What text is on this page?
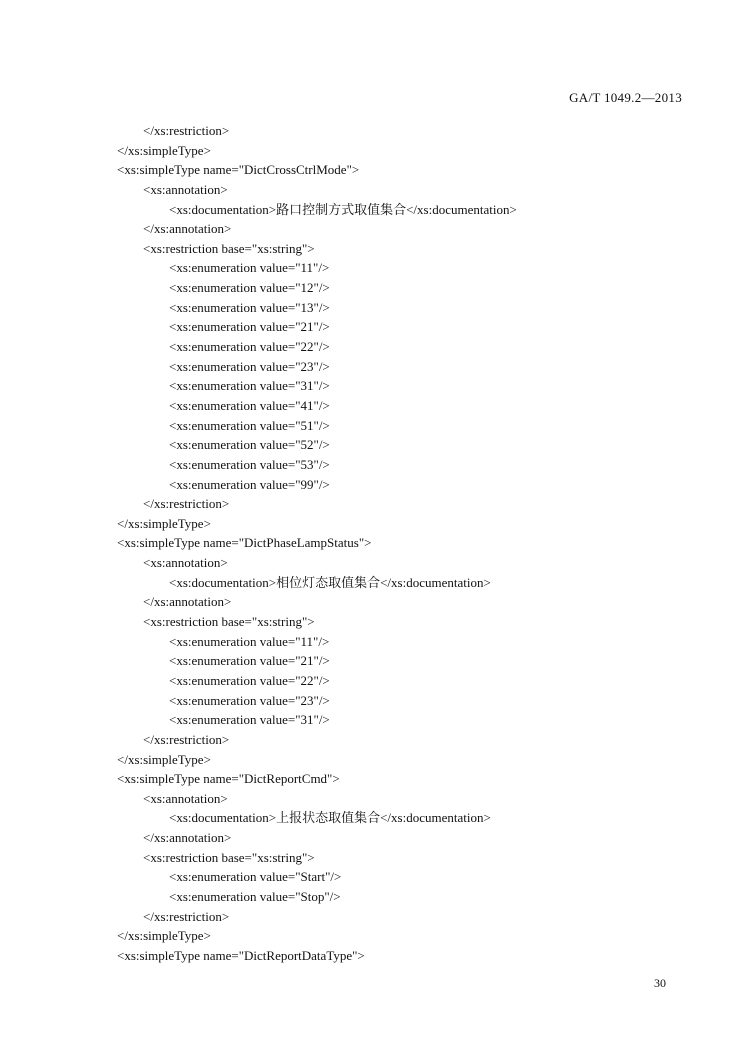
GA/T 1049.2—2013
</xs:restriction>
</xs:simpleType>
<xs:simpleType name="DictCrossCtrlMode">
<xs:annotation>
<xs:documentation>路口控制方式取值集合</xs:documentation>
</xs:annotation>
<xs:restriction base="xs:string">
<xs:enumeration value="11"/>
<xs:enumeration value="12"/>
<xs:enumeration value="13"/>
<xs:enumeration value="21"/>
<xs:enumeration value="22"/>
<xs:enumeration value="23"/>
<xs:enumeration value="31"/>
<xs:enumeration value="41"/>
<xs:enumeration value="51"/>
<xs:enumeration value="52"/>
<xs:enumeration value="53"/>
<xs:enumeration value="99"/>
</xs:restriction>
</xs:simpleType>
<xs:simpleType name="DictPhaseLampStatus">
<xs:annotation>
<xs:documentation>相位灯态取值集合</xs:documentation>
</xs:annotation>
<xs:restriction base="xs:string">
<xs:enumeration value="11"/>
<xs:enumeration value="21"/>
<xs:enumeration value="22"/>
<xs:enumeration value="23"/>
<xs:enumeration value="31"/>
</xs:restriction>
</xs:simpleType>
<xs:simpleType name="DictReportCmd">
<xs:annotation>
<xs:documentation>上报状态取值集合</xs:documentation>
</xs:annotation>
<xs:restriction base="xs:string">
<xs:enumeration value="Start"/>
<xs:enumeration value="Stop"/>
</xs:restriction>
</xs:simpleType>
<xs:simpleType name="DictReportDataType">
30
